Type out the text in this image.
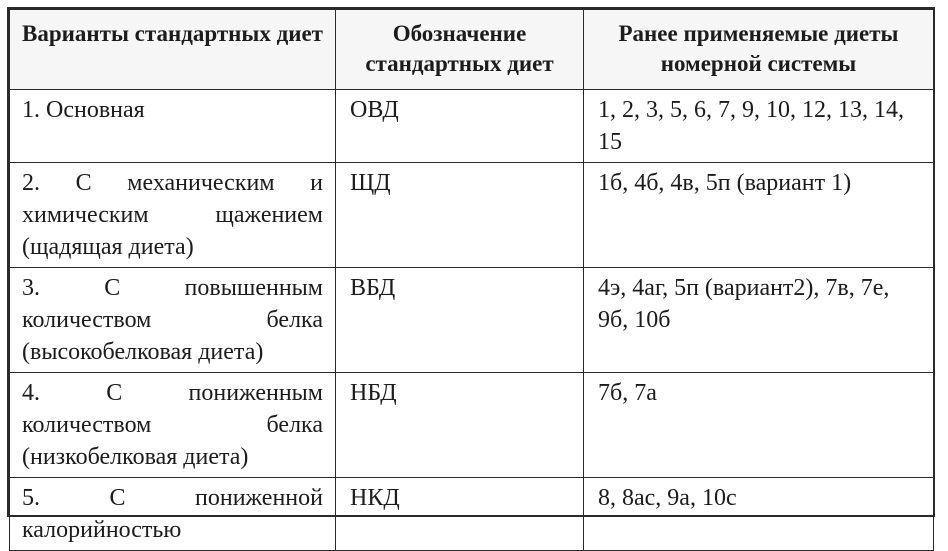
Варианты стандартных диет	Обозначение стандартных диет	Ранее применяемые диеты номерной системы
1. Основная	ОВД	1, 2, 3, 5, 6, 7, 9, 10, 12, 13, 14, 15
2. С механическим и химическим щажением (щадящая диета)	ЩД	1б, 4б, 4в, 5п (вариант 1)
3. С повышенным количеством белка (высокобелковая диета)	ВБД	4э, 4аг, 5п (вариант2), 7в, 7е, 9б, 10б
4. С пониженным количеством белка (низкобелковая диета)	НБД	7б, 7а
5. С пониженной калорийностью	НКД	8, 8ас, 9а, 10с
